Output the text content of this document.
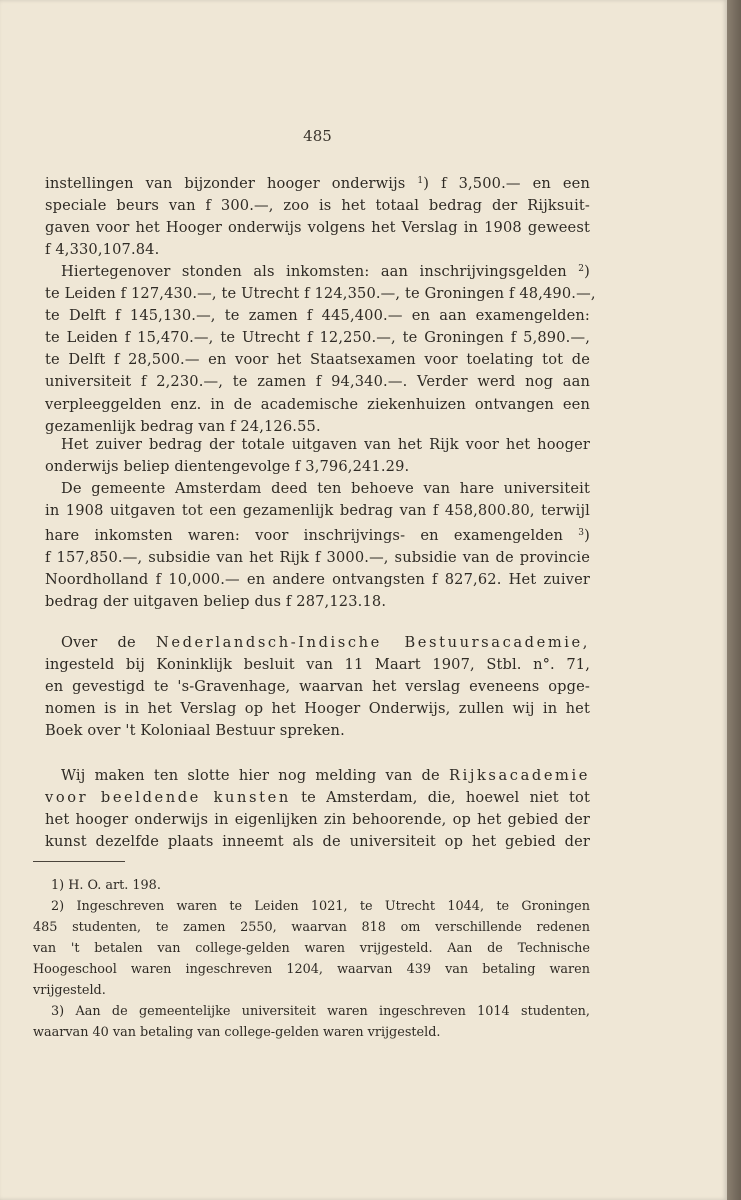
485

instellingen van bijzonder hooger onderwijs $^1$) f 3,500.— en een

speciale beurs van f 300.—, zoo is het totaal bedrag der Rijksuit-

gaven voor het Hooger onderwijs volgens het Verslag in 1908 geweest

f 4,330,107.84.

Hiertegenover stonden als inkomsten: aan inschrijvingsgelden $^2$)

te Leiden f 127,430.—, te Utrecht f 124,350.—, te Groningen f 48,490.—,

te Delft f 145,130.—, te zamen f 445,400.— en aan examengelden:

te Leiden f 15,470.—, te Utrecht f 12,250.—, te Groningen f 5,890.—,

te Delft f 28,500.— en voor het Staatsexamen voor toelating tot de

universiteit f 2,230.—, te zamen f 94,340.—. Verder werd nog aan

verpleeggelden enz. in de academische ziekenhuizen ontvangen een

gezamenlijk bedrag van f 24,126.55.

Het zuiver bedrag der totale uitgaven van het Rijk voor het hooger

onderwijs beliep dientengevolge f 3,796,241.29.

De gemeente Amsterdam deed ten behoeve van hare universiteit

in 1908 uitgaven tot een gezamenlijk bedrag van f 458,800.80, terwijl

hare inkomsten waren: voor inschrijvings- en examengelden $^3$)

f 157,850.—, subsidie van het Rijk f 3000.—, subsidie van de provincie

Noordholland f 10,000.— en andere ontvangsten f 827,62. Het zuiver

bedrag der uitgaven beliep dus f 287,123.18.

Over de Nederlandsch-Indische Bestuursacademie,

ingesteld bij Koninklijk besluit van 11 Maart 1907, Stbl. n°. 71,

en gevestigd te 's-Gravenhage, waarvan het verslag eveneens opge-

nomen is in het Verslag op het Hooger Onderwijs, zullen wij in het

Boek over 't Koloniaal Bestuur spreken.

Wij maken ten slotte hier nog melding van de Rijksacademie

voor beeldende kunsten te Amsterdam, die, hoewel niet tot

het hooger onderwijs in eigenlijken zin behoorende, op het gebied der

kunst dezelfde plaats inneemt als de universiteit op het gebied der

1) H. O. art. 198.

2) Ingeschreven waren te Leiden 1021, te Utrecht 1044, te Groningen

485 studenten, te zamen 2550, waarvan 818 om verschillende redenen

van 't betalen van college-gelden waren vrijgesteld. Aan de Technische

Hoogeschool waren ingeschreven 1204, waarvan 439 van betaling waren

vrijgesteld.

3) Aan de gemeentelijke universiteit waren ingeschreven 1014 studenten,

waarvan 40 van betaling van college-gelden waren vrijgesteld.
